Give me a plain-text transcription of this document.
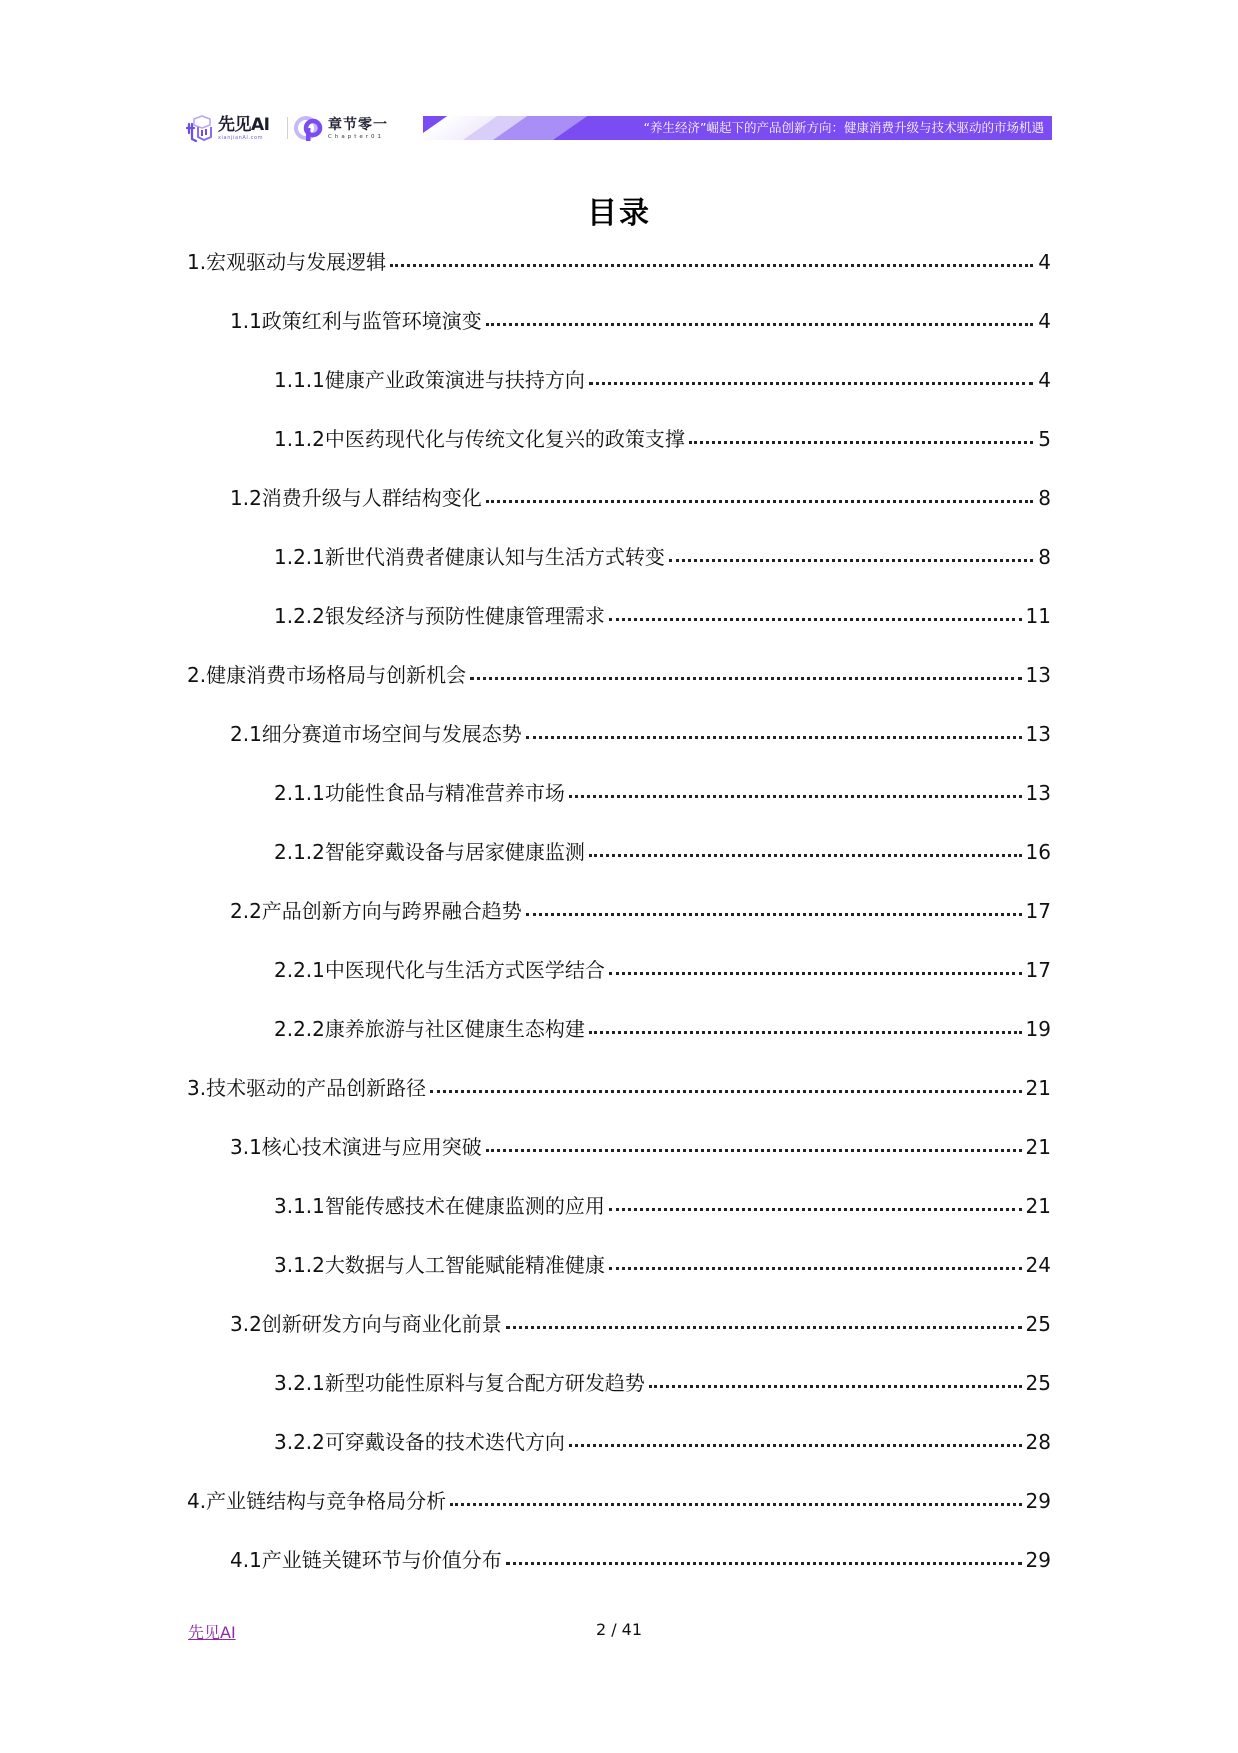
先见AI
xianjianAI.com
章节零一
Chapter01
“养生经济”崛起下的产品创新方向：健康消费升级与技术驱动的市场机遇
目录
1.宏观驱动与发展逻辑	4
1.1政策红利与监管环境演变	4
1.1.1健康产业政策演进与扶持方向	4
1.1.2中医药现代化与传统文化复兴的政策支撑	5
1.2消费升级与人群结构变化	8
1.2.1新世代消费者健康认知与生活方式转变	8
1.2.2银发经济与预防性健康管理需求	11
2.健康消费市场格局与创新机会	13
2.1细分赛道市场空间与发展态势	13
2.1.1功能性食品与精准营养市场	13
2.1.2智能穿戴设备与居家健康监测	16
2.2产品创新方向与跨界融合趋势	17
2.2.1中医现代化与生活方式医学结合	17
2.2.2康养旅游与社区健康生态构建	19
3.技术驱动的产品创新路径	21
3.1核心技术演进与应用突破	21
3.1.1智能传感技术在健康监测的应用	21
3.1.2大数据与人工智能赋能精准健康	24
3.2创新研发方向与商业化前景	25
3.2.1新型功能性原料与复合配方研发趋势	25
3.2.2可穿戴设备的技术迭代方向	28
4.产业链结构与竞争格局分析	29
4.1产业链关键环节与价值分布	29
先见AI	2 / 41
